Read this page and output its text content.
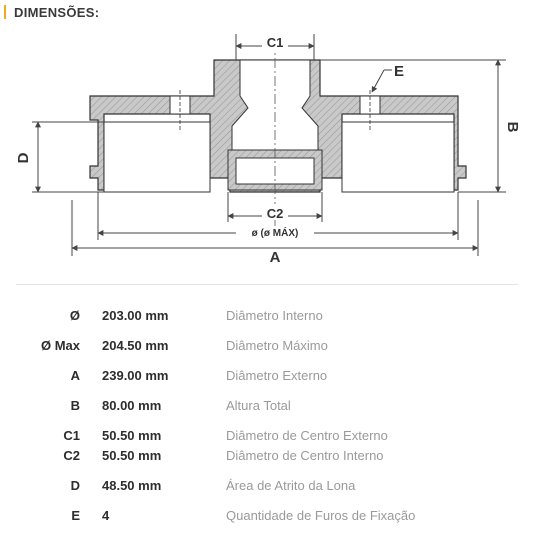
DIMENSÕES:
C1
C2
ø (ø MÁX)
A
E
B
D
Ø 203.00 mm	Diâmetro Interno
Ø Max 204.50 mm	Diâmetro Máximo
A 239.00 mm	Diâmetro Externo
B 80.00 mm	Altura Total
C1 50.50 mm	Diâmetro de Centro Externo
C2 50.50 mm	Diâmetro de Centro Interno
D 48.50 mm	Área de Atrito da Lona
E 4	Quantidade de Furos de Fixação
